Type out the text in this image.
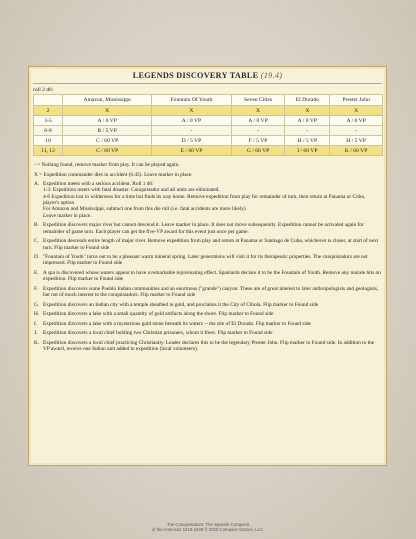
LEGENDS DISCOVERY TABLE (19.4)
roll 2 d6:
	Amazon, Mississippi	Fountain Of Youth	Seven Cities	El Dorado	Prester John
2	X	X	X	X	X
3-5	A / 0 VP	A / 0 VP	A / 0 VP	A / 0 VP	A / 0 VP
6-9	B / 5 VP	-	-	-	-
10	C / 60 VP	D / 5 VP	F / 5 VP	H / 5 VP	H / 5 VP
11, 12	C / 60 VP	E / 60 VP	G / 60 VP	I / 60 VP	K / 60 VP

- = Nothing found, remove marker from play. It can be played again.

X = Expedition commander dies in accident (6.45). Leave marker in place.

A. Expedition meets with a serious accident. Roll 1 d6:
1-3: Expedition meets with fatal disaster. Conquistador and all units are eliminated.
4-6 Expedition lost in wilderness for a time but finds its way home. Remove expedition from play for remainder of turn, then return at Panama or Cuba, player's option
For Amazon and Mississippi, subtract one from this die roll (i.e. fatal accidents are more likely)
Leave marker in place.
B. Expedition discovers major river but cannot descend it. Leave marker in place. It does not move subsequently. Expedition cannot be activated again for remainder of game turn. Each player can get the five-VP award for this event just once per game.
C. Expedition descends entire length of major river. Remove expedition from play and return at Panama or Santiago de Cuba, whichever is closer, at start of next turn. Flip marker to Found side
D. "Fountain of Youth" turns out to be a pleasant warm mineral spring. Later generations will visit it for its therapeutic properties. The conquistadors are not impressed. Flip marker to Found side
E. A spa is discovered whose waters appear to have a remarkable rejuvenating effect. Spaniards declare it to be the Fountain of Youth. Remove any morale hits on expedition. Flip marker to Found side
F. Expedition discovers some Pueblo Indian communities and an enormous ("grande") canyon. These are of great interest to later anthropologists and geologists, but not of much interest to the conquistadors. Flip marker to Found side
G. Expedition discovers an Indian city with a temple sheathed in gold, and proclaims it the City of Cibola. Flip marker to Found side
H. Expedition discovers a lake with a small quantity of gold artifacts along the shore. Flip marker to Found side
I.	Expedition discovers a lake with a mysterious gold stone beneath its waters -- the site of El Dorado. Flip marker to Found side
J.	Expedition discovers a local chief holding two Christian prisoners, whom it frees. Flip marker to Found side
K. Expedition discovers a local chief practicing Christianity. Leader declares this to be the legendary Prester John. Flip marker to Found side. In addition to the VP award, receive one Indian unit added to expedition (local volunteers).
The Conquistadors: The Spanish Conquest
of the Americas 1518-1548 © 2020 Compass Games, LLC.
